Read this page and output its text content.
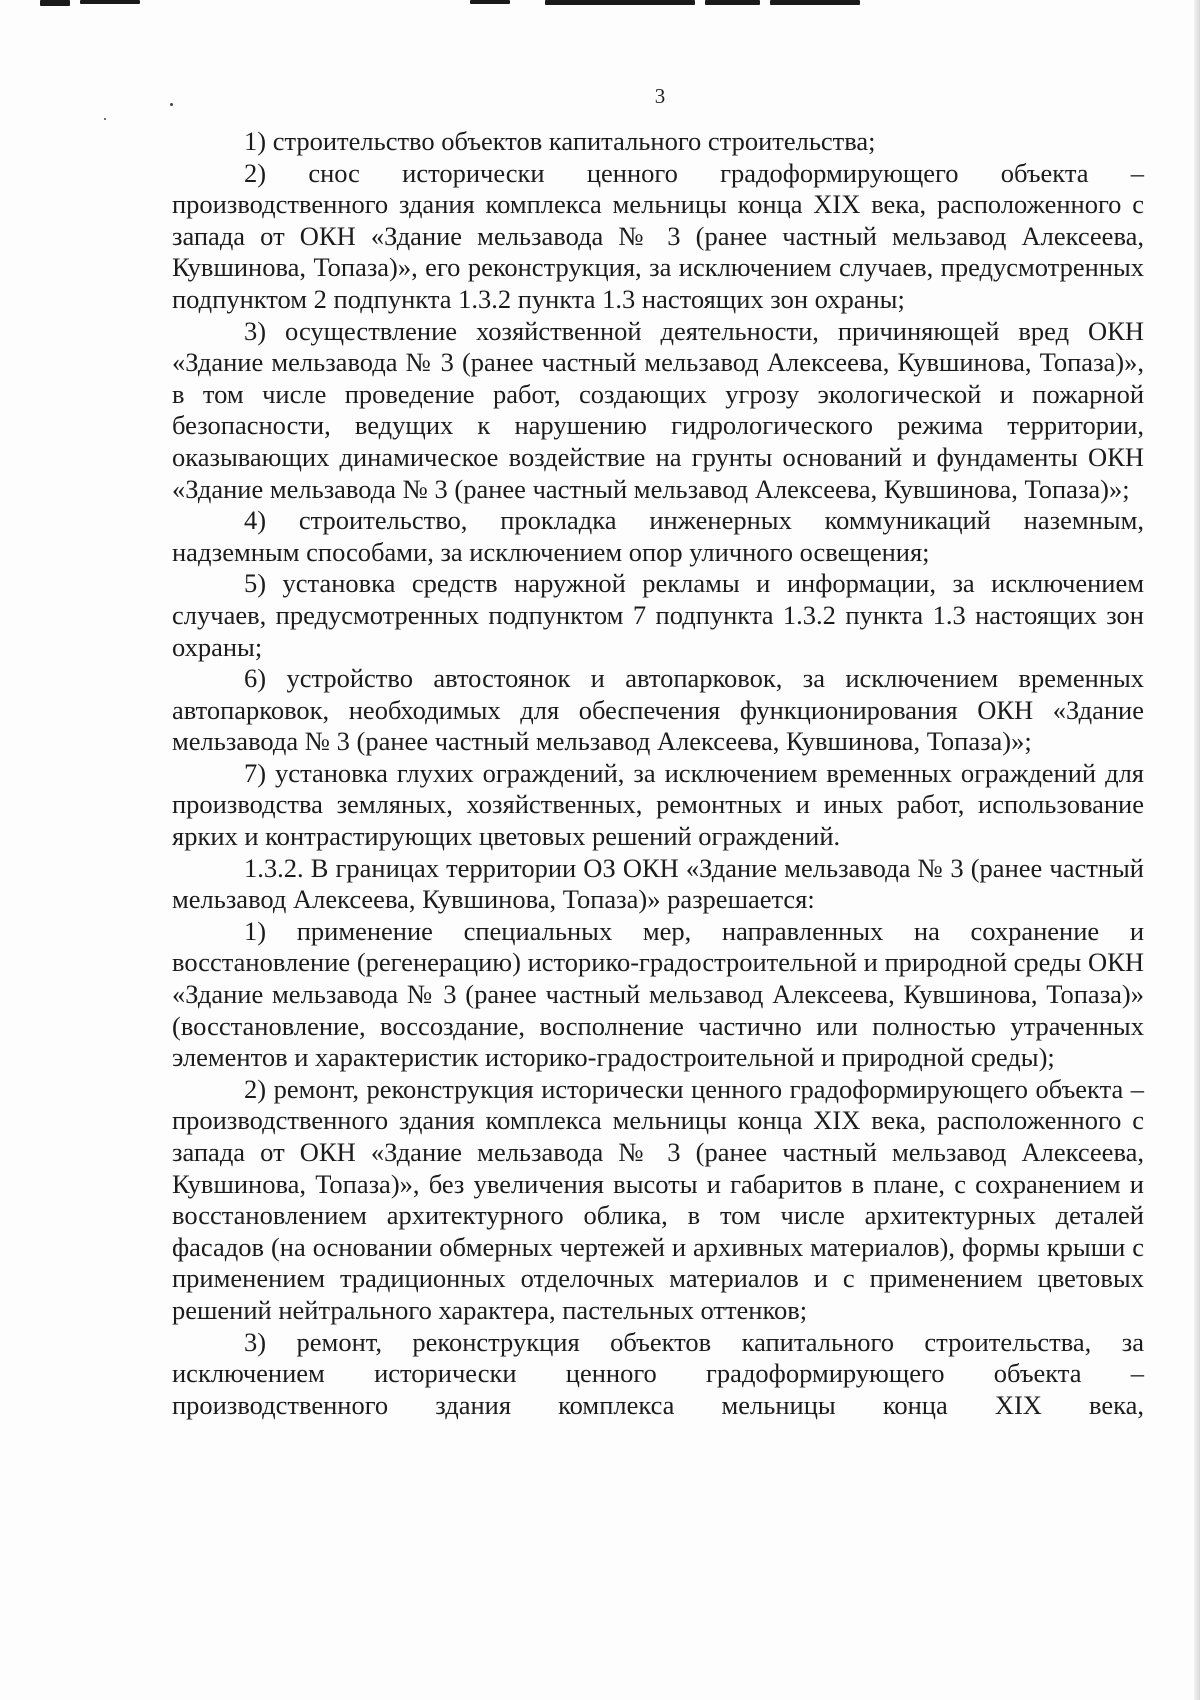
3

1) строительство объектов капитального строительства;

2) снос исторически ценного градоформирующего объекта – производственного здания комплекса мельницы конца XIX века, расположенного с запада от ОКН «Здание мельзавода № 3 (ранее частный мельзавод Алексеева, Кувшинова, Топаза)», его реконструкция, за исключением случаев, предусмотренных подпунктом 2 подпункта 1.3.2 пункта 1.3 настоящих зон охраны;

3) осуществление хозяйственной деятельности, причиняющей вред ОКН «Здание мельзавода № 3 (ранее частный мельзавод Алексеева, Кувшинова, Топаза)», в том числе проведение работ, создающих угрозу экологической и пожарной безопасности, ведущих к нарушению гидрологического режима территории, оказывающих динамическое воздействие на грунты оснований и фундаменты ОКН «Здание мельзавода № 3 (ранее частный мельзавод Алексеева, Кувшинова, Топаза)»;

4) строительство, прокладка инженерных коммуникаций наземным, надземным способами, за исключением опор уличного освещения;

5) установка средств наружной рекламы и информации, за исключением случаев, предусмотренных подпунктом 7 подпункта 1.3.2 пункта 1.3 настоящих зон охраны;

6) устройство автостоянок и автопарковок, за исключением временных автопарковок, необходимых для обеспечения функционирования ОКН «Здание мельзавода № 3 (ранее частный мельзавод Алексеева, Кувшинова, Топаза)»;

7) установка глухих ограждений, за исключением временных ограждений для производства земляных, хозяйственных, ремонтных и иных работ, использование ярких и контрастирующих цветовых решений ограждений.

1.3.2. В границах территории ОЗ ОКН «Здание мельзавода № 3 (ранее частный мельзавод Алексеева, Кувшинова, Топаза)» разрешается:

1) применение специальных мер, направленных на сохранение и восстановление (регенерацию) историко-градостроительной и природной среды ОКН «Здание мельзавода № 3 (ранее частный мельзавод Алексеева, Кувшинова, Топаза)» (восстановление, воссоздание, восполнение частично или полностью утраченных элементов и характеристик историко-градостроительной и природной среды);

2) ремонт, реконструкция исторически ценного градоформирующего объекта – производственного здания комплекса мельницы конца XIX века, расположенного с запада от ОКН «Здание мельзавода № 3 (ранее частный мельзавод Алексеева, Кувшинова, Топаза)», без увеличения высоты и габаритов в плане, с сохранением и восстановлением архитектурного облика, в том числе архитектурных деталей фасадов (на основании обмерных чертежей и архивных материалов), формы крыши с применением традиционных отделочных материалов и с применением цветовых решений нейтрального характера, пастельных оттенков;

3) ремонт, реконструкция объектов капитального строительства, за исключением исторически ценного градоформирующего объекта – производственного здания комплекса мельницы конца XIX века,
